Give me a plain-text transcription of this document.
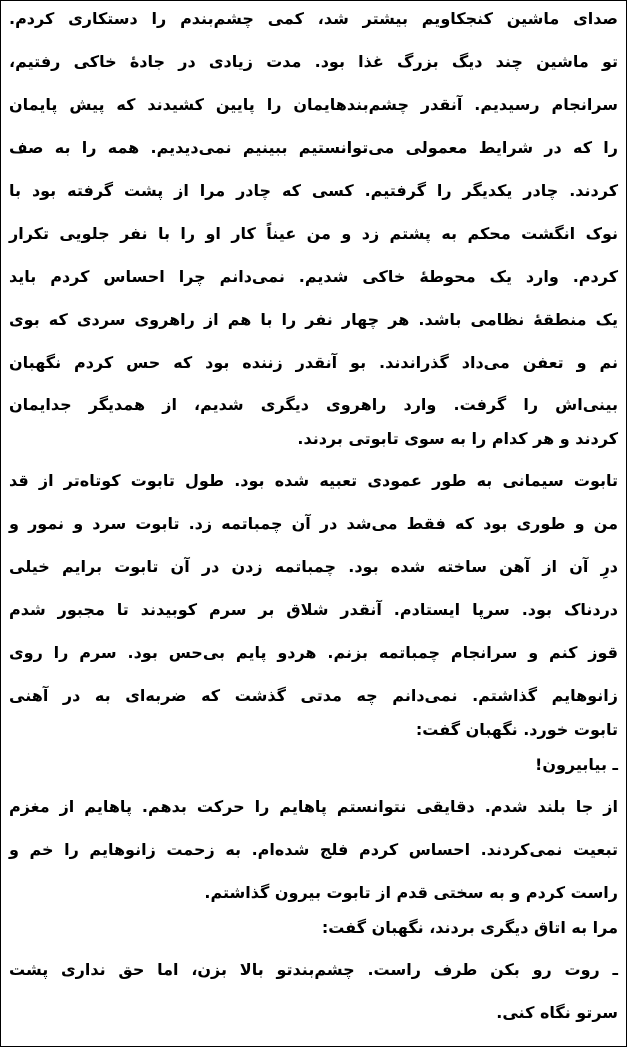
صدای ماشین کنجکاویم بیشتر شد، کمی چشم‌بندم را دستکاری کردم.
تو ماشین چند دیگ بزرگ غذا بود. مدت زیادی در جادهٔ خاکی رفتیم،
سرانجام رسیدیم. آنقدر چشم‌بندهایمان را پایین کشیدند که پیش پایمان
را که در شرایط معمولی می‌توانستیم ببینیم نمی‌دیدیم. همه را به صف
کردند. چادر یکدیگر را گرفتیم. کسی که چادر مرا از پشت گرفته بود با
نوک انگشت محکم به پشتم زد و من عیناً کار او را با نفر جلویی تکرار
کردم. وارد یک محوطهٔ خاکی شدیم. نمی‌دانم چرا احساس کردم باید
یک منطقهٔ نظامی باشد. هر چهار نفر را با هم از راهروی سردی که بوی
نم و تعفن می‌داد گذراندند. بو آنقدر زننده بود که حس کردم نگهبان
بینی‌اش را گرفت. وارد راهروی دیگری شدیم، از همدیگر جدایمان
کردند و هر کدام را به سوی تابوتی بردند.
تابوت سیمانی به طور عمودی تعبیه شده بود. طول تابوت کوتاه‌تر از قد
من و طوری بود که فقط می‌شد در آن چمباتمه زد. تابوت سرد و نمور و
درِ آن از آهن ساخته شده بود. چمباتمه زدن در آن تابوت برایم خیلی
دردناک بود. سرپا ایستادم. آنقدر شلاق بر سرم کوبیدند تا مجبور شدم
قوز کنم و سرانجام چمباتمه بزنم. هردو پایم بی‌حس بود. سرم را روی
زانوهایم گذاشتم. نمی‌دانم چه مدتی گذشت که ضربه‌ای به در آهنی
تابوت خورد. نگهبان گفت:
ـ بیابیرون!
از جا بلند شدم. دقایقی نتوانستم پاهایم را حرکت بدهم. پاهایم از مغزم
تبعیت نمی‌کردند. احساس کردم فلج شده‌ام. به زحمت زانوهایم را خم و
راست کردم و به سختی قدم از تابوت بیرون گذاشتم.
مرا به اتاق دیگری بردند، نگهبان گفت:
ـ روت رو بکن طرف راست. چشم‌بندتو بالا بزن، اما حق نداری پشت
سرتو نگاه کنی.
